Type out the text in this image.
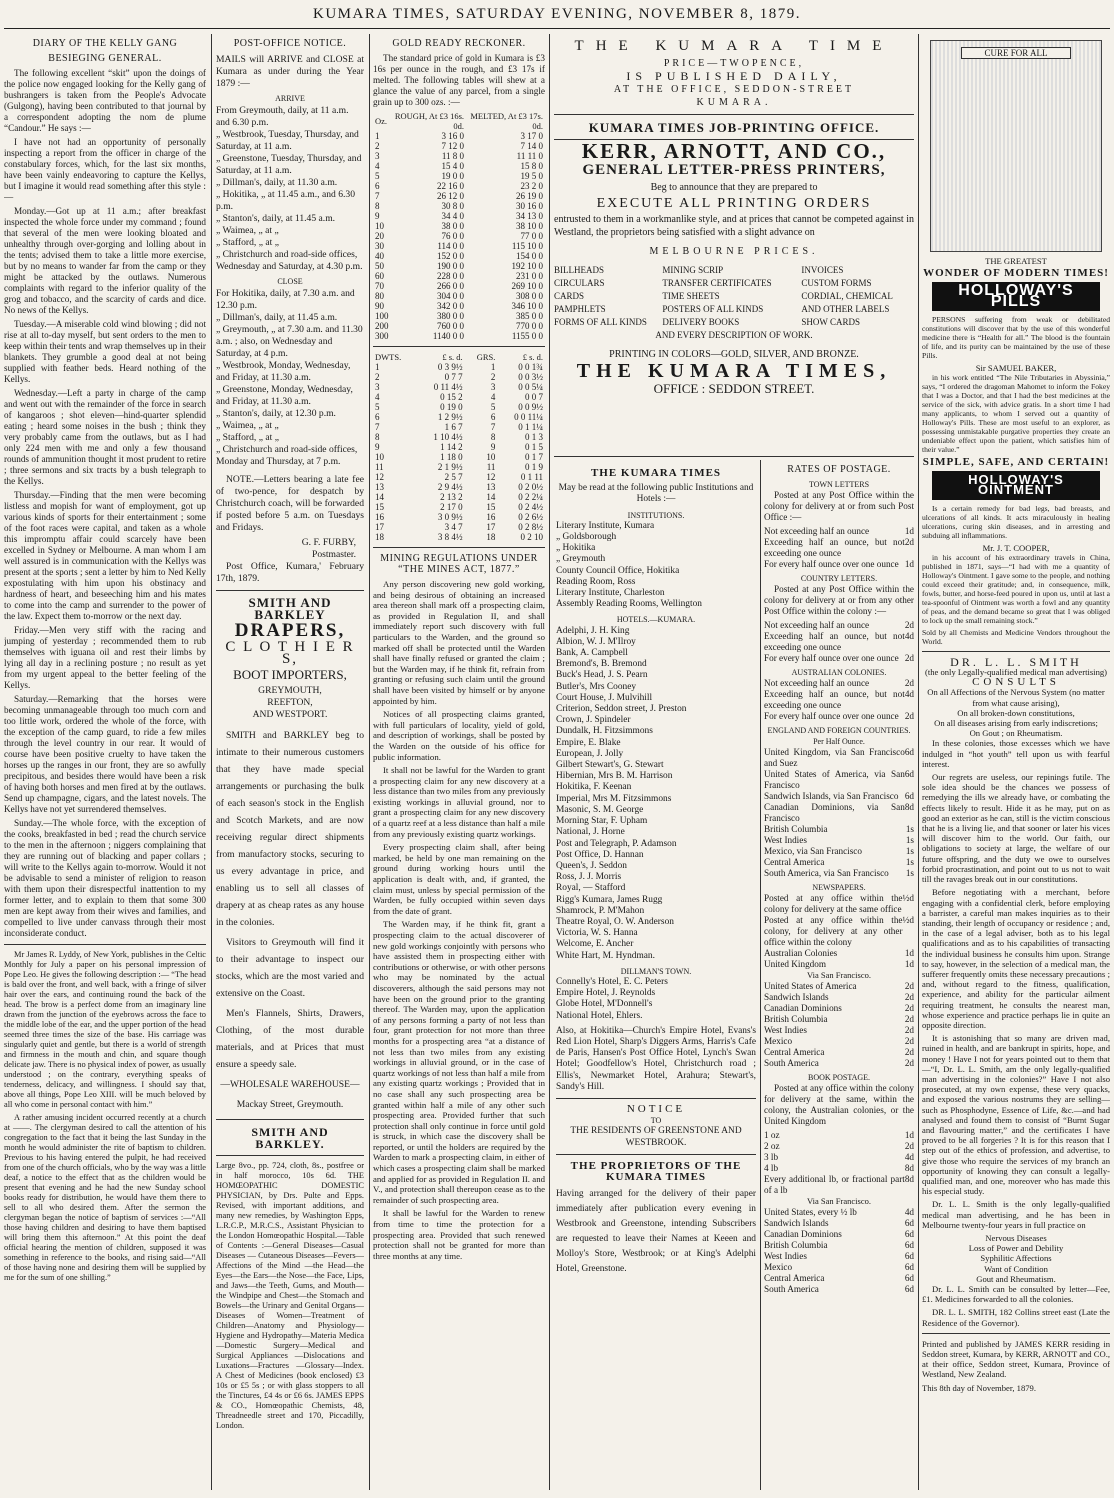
KUMARA TIMES, SATURDAY EVENING, NOVEMBER 8, 1879.
DIARY OF THE KELLY GANG
BESIEGING GENERAL.

The following excellent “skit” upon the doings of the police now engaged looking for the Kelly gang of bushrangers is taken from the People's Advocate (Gulgong), having been contributed to that journal by a correspondent adopting the nom de plume “Candour.” He says :—

I have not had an opportunity of personally inspecting a report from the officer in charge of the constabulary forces, which, for the last six months, have been vainly endeavoring to capture the Kellys, but I imagine it would read something after this style :—

Monday.—Got up at 11 a.m.; after breakfast inspected the whole force under my command ; found that several of the men were looking bloated and unhealthy through over-gorging and lolling about in the tents; advised them to take a little more exercise, but by no means to wander far from the camp or they might be attacked by the outlaws. Numerous complaints with regard to the inferior quality of the grog and tobacco, and the scarcity of cards and dice. No news of the Kellys.

Tuesday.—A miserable cold wind blowing ; did not rise at all to-day myself, but sent orders to the men to keep within their tents and wrap themselves up in their blankets. They grumble a good deal at not being supplied with feather beds. Heard nothing of the Kellys.

Wednesday.—Left a party in charge of the camp and went out with the remainder of the force in search of kangaroos ; shot eleven—hind-quarter splendid eating ; heard some noises in the bush ; think they very probably came from the outlaws, but as I had only 224 men with me and only a few thousand rounds of ammunition thought it most prudent to retire ; three sermons and six tracts by a bush telegraph to the Kellys.

Thursday.—Finding that the men were becoming listless and mopish for want of employment, got up various kinds of sports for their entertainment ; some of the foot races were capital, and taken as a whole this impromptu affair could scarcely have been excelled in Sydney or Melbourne. A man whom I am well assured is in communication with the Kellys was present at the sports ; sent a letter by him to Ned Kelly expostulating with him upon his obstinacy and hardness of heart, and beseeching him and his mates to come into the camp and surrender to the power of the law. Expect them to-morrow or the next day.

Friday.—Men very stiff with the racing and jumping of yesterday ; recommended them to rub themselves with iguana oil and rest their limbs by lying all day in a reclining posture ; no result as yet from my urgent appeal to the better feeling of the Kellys.

Saturday.—Remarking that the horses were becoming unmanageable through too much corn and too little work, ordered the whole of the force, with the exception of the camp guard, to ride a few miles through the level country in our rear. It would of course have been positive cruelty to have taken the horses up the ranges in our front, they are so awfully precipitous, and besides there would have been a risk of having both horses and men fired at by the outlaws. Send up champagne, cigars, and the latest novels. The Kellys have not yet surrendered themselves.

Sunday.—The whole force, with the exception of the cooks, breakfasted in bed ; read the church service to the men in the afternoon ; niggers complaining that they are running out of blacking and paper collars ; will write to the Kellys again to-morrow. Would it not be advisable to send a minister of religion to reason with them upon their disrespectful inattention to my former letter, and to explain to them that some 300 men are kept away from their wives and families, and compelled to live under canvass through their most inconsiderate conduct.

Mr James R. Lyddy, of New York, publishes in the Celtic Monthly for July a paper on his personal impression of Pope Leo. He gives the following description :— “The head is bald over the front, and well back, with a fringe of silver hair over the ears, and continuing round the back of the head. The brow is a perfect dome from an imaginary line drawn from the junction of the eyebrows across the face to the middle lobe of the ear, and the upper portion of the head seemed three times the size of the base. His carriage was singularly quiet and gentle, but there is a world of strength and firmness in the mouth and chin, and square though delicate jaw. There is no physical index of power, as usually understood ; on the contrary, everything speaks of tenderness, delicacy, and willingness. I should say that, above all things, Pope Leo XIII. will be much beloved by all who come in personal contact with him.”

A rather amusing incident occurred recently at a church at ——. The clergyman desired to call the attention of his congregation to the fact that it being the last Sunday in the month he would administer the rite of baptism to children. Previous to his having entered the pulpit, he had received from one of the church officials, who by the way was a little deaf, a notice to the effect that as the children would be present that evening and he had the new Sunday school books ready for distribution, he would have them there to sell to all who desired them. After the sermon the clergyman began the notice of baptism of services :—“All those having children and desiring to have them baptised will bring them this afternoon.” At this point the deaf official hearing the mention of children, supposed it was something in reference to the books, and rising said—“All of those having none and desiring them will be supplied by me for the sum of one shilling.”

POST-OFFICE NOTICE.

MAILS will ARRIVE and CLOSE at Kumara as under during the Year 1879 :—

ARRIVE
From Greymouth, daily, at 11 a.m. and 6.30 p.m.
„ Westbrook, Tuesday, Thursday, and Saturday, at 11 a.m.
„ Greenstone, Tuesday, Thursday, and Saturday, at 11 a.m.
„ Dillman's, daily, at 11.30 a.m.
„ Hokitika, „ at 11.45 a.m., and 6.30 p.m.
„ Stanton's, daily, at 11.45 a.m.
„ Waimea, „ at „
„ Stafford, „ at „
„ Christchurch and road-side offices, Wednesday and Saturday, at 4.30 p.m.
CLOSE
For Hokitika, daily, at 7.30 a.m. and 12.30 p.m.
„ Dillman's, daily, at 11.45 a.m.
„ Greymouth, „ at 7.30 a.m. and 11.30 a.m. ; also, on Wednesday and Saturday, at 4 p.m.
„ Westbrook, Monday, Wednesday, and Friday, at 11.30 a.m.
„ Greenstone, Monday, Wednesday, and Friday, at 11.30 a.m.
„ Stanton's, daily, at 12.30 p.m.
„ Waimea, „ at „
„ Stafford, „ at „
„ Christchurch and road-side offices, Monday and Thursday, at 7 p.m.

NOTE.—Letters bearing a late fee of two-pence, for despatch by Christchurch coach, will be forwarded if posted before 5 a.m. on Tuesdays and Fridays.

G. F. FURBY,
Postmaster.

Post Office, Kumara,' February 17th, 1879.

SMITH AND BARKLEY
DRAPERS,
C L O T H I E R S,
BOOT IMPORTERS,
GREYMOUTH,
REEFTON,
AND WESTPORT.

SMITH and BARKLEY beg to intimate to their numerous customers that they have made special arrangements or purchasing the bulk of each season's stock in the English and Scotch Markets, and are now receiving regular direct shipments from manufactory stocks, securing to us every advantage in price, and enabling us to sell all classes of drapery at as cheap rates as any house in the colonies.

Visitors to Greymouth will find it to their advantage to inspect our stocks, which are the most varied and extensive on the Coast.

Men's Flannels, Shirts, Drawers, Clothing, of the most durable materials, and at Prices that must ensure a speedy sale.

—WHOLESALE WAREHOUSE—
Mackay Street, Greymouth.
SMITH AND BARKLEY.

Large 8vo., pp. 724, cloth, 8s., postfree or in half morocco, 10s 6d. THE HOMŒOPATHIC DOMESTIC PHYSICIAN, by Drs. Pulte and Epps. Revised, with important additions, and many new remedies, by Washington Epps, L.R.C.P., M.R.C.S., Assistant Physician to the London Homœopathic Hospital.—Table of Contents :—General Diseases—Casual Diseases — Cutaneous Diseases—Fevers—Affections of the Mind —the Head—the Eyes—the Ears—the Nose—the Face, Lips, and Jaws—the Teeth, Gums, and Mouth—the Windpipe and Chest—the Stomach and Bowels—the Urinary and Genital Organs—Diseases of Women—Treatment of Children—Anatomy and Physiology—Hygiene and Hydropathy—Materia Medica—Domestic Surgery—Medical and Surgical Appliances —Dislocations and Luxations—Fractures —Glossary—Index. A Chest of Medicines (book enclosed) £3 10s or £5 5s ; or with glass stoppers to all the Tinctures, £4 4s or £6 6s. JAMES EPPS & CO., Homœopathic Chemists, 48, Threadneedle street and 170, Piccadilly, London.

GOLD READY RECKONER.

The standard price of gold in Kumara is £3 16s per ounce in the rough, and £3 17s if melted. The following tables will shew at a glance the value of any parcel, from a single grain up to 300 ozs. :—

Oz.	ROUGH, At £3 16s. 0d.	MELTED, At £3 17s. 0d.
1	3 16 0	3 17 0
2	7 12 0	7 14 0
3	11 8 0	11 11 0
4	15 4 0	15 8 0
5	19 0 0	19 5 0
6	22 16 0	23 2 0
7	26 12 0	26 19 0
8	30 8 0	30 16 0
9	34 4 0	34 13 0
10	38 0 0	38 10 0
20	76 0 0	77 0 0
30	114 0 0	115 10 0
40	152 0 0	154 0 0
50	190 0 0	192 10 0
60	228 0 0	231 0 0
70	266 0 0	269 10 0
80	304 0 0	308 0 0
90	342 0 0	346 10 0
100	380 0 0	385 0 0
200	760 0 0	770 0 0
300	1140 0 0	1155 0 0
DWTS.	£ s. d.	GRS.	£ s. d.
1	0 3 9½	1	0 0 1¾
2	0 7 7	2	0 0 3½
3	0 11 4½	3	0 0 5¼
4	0 15 2	4	0 0 7
5	0 19 0	5	0 0 9½
6	1 2 9½	6	0 0 11¼
7	1 6 7	7	0 1 1¼
8	1 10 4½	8	0 1 3
9	1 14 2	9	0 1 5
10	1 18 0	10	0 1 7
11	2 1 9½	11	0 1 9
12	2 5 7	12	0 1 11
13	2 9 4½	13	0 2 0½
14	2 13 2	14	0 2 2¼
15	2 17 0	15	0 2 4½
16	3 0 9½	16	0 2 6½
17	3 4 7	17	0 2 8½
18	3 8 4½	18	0 2 10
MINING REGULATIONS UNDER “THE MINES ACT, 1877.”

Any person discovering new gold working, and being desirous of obtaining an increased area thereon shall mark off a prospecting claim, as provided in Regulation II, and shall immediately report such discovery with full particulars to the Warden, and the ground so marked off shall be protected until the Warden shall have finally refused or granted the claim ; but the Warden may, if he think fit, refrain from granting or refusing such claim until the ground shall have been visited by himself or by anyone appointed by him.

Notices of all prospecting claims granted, with full particulars of locality, yield of gold, and description of workings, shall be posted by the Warden on the outside of his office for public information.

It shall not be lawful for the Warden to grant a prospecting claim for any new discovery at a less distance than two miles from any previously existing workings in alluvial ground, nor to grant a prospecting claim for any new discovery of a quartz reef at a less distance than half a mile from any previously existing quartz workings.

Every prospecting claim shall, after being marked, be held by one man remaining on the ground during working hours until the application is dealt with, and, if granted, the claim must, unless by special permission of the Warden, be fully occupied within seven days from the date of grant.

The Warden may, if he think fit, grant a prospecting claim to the actual discoverer of new gold workings conjointly with persons who have assisted them in prospecting either with contributions or otherwise, or with other persons who may be nominated by the actual discoverers, although the said persons may not have been on the ground prior to the granting thereof. The Warden may, upon the application of any persons forming a party of not less than four, grant protection for not more than three months for a prospecting area “at a distance of not less than two miles from any existing workings in alluvial ground, or in the case of quartz workings of not less than half a mile from any existing quartz workings ; Provided that in no case shall any such prospecting area be granted within half a mile of any other such prospecting area. Provided further that such protection shall only continue in force until gold is struck, in which case the discovery shall be reported, or until the holders are required by the Warden to mark a prospecting claim, in either of which cases a prospecting claim shall be marked and applied for as provided in Regulation II. and V., and protection shall thereupon cease as to the remainder of such prospecting area.

It shall be lawful for the Warden to renew from time to time the protection for a prospecting area. Provided that such renewed protection shall not be granted for more than three months at any time.

THE KUMARA TIME
PRICE—TWOPENCE,
IS PUBLISHED DAILY,
AT THE OFFICE, SEDDON-STREET
KUMARA.
KUMARA TIMES JOB-PRINTING OFFICE.
KERR, ARNOTT, AND CO.,
GENERAL LETTER-PRESS PRINTERS,
Beg to announce that they are prepared to
EXECUTE ALL PRINTING ORDERS

entrusted to them in a workmanlike style, and at prices that cannot be competed against in Westland, the proprietors being satisfied with a slight advance on

MELBOURNE PRICES.
BILLHEADS
CIRCULARS
CARDS
PAMPHLETS
FORMS OF ALL KINDS
MINING SCRIP
TRANSFER CERTIFICATES
TIME SHEETS
POSTERS OF ALL KINDS
DELIVERY BOOKS
INVOICES
CUSTOM FORMS
CORDIAL, CHEMICAL
AND OTHER LABELS
SHOW CARDS
AND EVERY DESCRIPTION OF WORK.
PRINTING IN COLORS—GOLD, SILVER, AND BRONZE.
THE KUMARA TIMES,
OFFICE : SEDDON STREET.
THE KUMARA TIMES
May be read at the following public Institutions and Hotels :—
INSTITUTIONS.
Literary Institute, Kumara
„ Goldsborough
„ Hokitika
„ Greymouth
County Council Office, Hokitika
Reading Room, Ross
Literary Institute, Charleston
Assembly Reading Rooms, Wellington
HOTELS.—KUMARA.
Adelphi, J. H. King
Albion, W. J. M'Ilroy
Bank, A. Campbell
Bremond's, B. Bremond
Buck's Head, J. S. Pearn
Butler's, Mrs Cooney
Court House, J. Mulvihill
Criterion, Seddon street, J. Preston
Crown, J. Spindeler
Dundalk, H. Fitzsimmons
Empire, E. Blake
European, J. Jolly
Gilbert Stewart's, G. Stewart
Hibernian, Mrs B. M. Harrison
Hokitika, F. Keenan
Imperial, Mrs M. Fitzsimmons
Masonic, S. M. George
Morning Star, F. Upham
National, J. Horne
Post and Telegraph, P. Adamson
Post Office, D. Hannan
Queen's, J. Seddon
Ross, J. J. Morris
Royal, — Stafford
Rigg's Kumara, James Rugg
Shamrock, P. M'Mahon
Theatre Royal, O. W. Anderson
Victoria, W. S. Hanna
Welcome, E. Ancher
White Hart, M. Hyndman.
DILLMAN'S TOWN.
Connelly's Hotel, E. C. Peters
Empire Hotel, J. Reynolds
Globe Hotel, M'Donnell's
National Hotel, Ehlers.

Also, at Hokitika—Church's Empire Hotel, Evans's Red Lion Hotel, Sharp's Diggers Arms, Harris's Cafe de Paris, Hansen's Post Office Hotel, Lynch's Swan Hotel; Goodfellow's Hotel, Christchurch road ; Ellis's, Newmarket Hotel, Arahura; Stewart's, Sandy's Hill.

NOTICE
TO
THE RESIDENTS OF GREENSTONE AND WESTBROOK.
THE PROPRIETORS OF THE KUMARA TIMES

Having arranged for the delivery of their paper immediately after publication every evening in Westbrook and Greenstone, intending Subscribers are requested to leave their Names at Keeen and Molloy's Store, Westbrook; or at King's Adelphi Hotel, Greenstone.

RATES OF POSTAGE.
TOWN LETTERS

Posted at any Post Office within the colony for delivery at or from such Post Office :—

Not exceeding half an ounce	1d
Exceeding half an ounce, but not exceeding one ounce
2d
For every half ounce over one ounce 1d
COUNTRY LETTERS.

Posted at any Post Office within the colony for delivery at or from any other Post Office within the colony :—

Not exceeding half an ounce	2d
Exceeding half an ounce, but not exceeding one ounce
4d
For every half ounce over one ounce 2d
AUSTRALIAN COLONIES.
Not exceeding half an ounce	2d
Exceeding half an ounce, but not exceeding one ounce
4d
For every half ounce over one ounce 2d
ENGLAND AND FOREIGN COUNTRIES. Per Half Ounce.
United Kingdom, via San Francisco and Suez
6d
United States of America, via San Francisco
6d
Sandwich Islands, via San Francisco 6d
Canadian Dominions, via San Francisco
8d
British Columbia	1s
West Indies	1s
Mexico, via San Francisco	1s
Central America	1s
South America, via San Francisco 1s
NEWSPAPERS.
Posted at any office within the colony for delivery at the same office
½d
Posted at any office within the colony, for delivery at any other office within the colony
½d
Australian Colonies	1d
United Kingdom	1d
Via San Francisco.
United States of America	2d
Sandwich Islands	2d
Canadian Dominions	2d
British Columbia	2d
West Indies	2d
Mexico	2d
Central America	2d
South America	2d
BOOK POSTAGE.

Posted at any office within the colony for delivery at the same, within the colony, the Australian colonies, or the United Kingdom

1 oz	1d
2 oz	2d
3 lb	4d
4 lb	8d
Every additional lb, or fractional part of a lb
8d
Via San Francisco.
United States, every ½ lb	4d
Sandwich Islands	6d
Canadian Dominions	6d
British Columbia	6d
West Indies	6d
Mexico	6d
Central America	6d
South America	6d
CURE FOR ALL
THE GREATEST
WONDER OF MODERN TIMES!
HOLLOWAY'S PILLS

PERSONS suffering from weak or debilitated constitutions will discover that by the use of this wonderful medicine there is “Health for all.” The blood is the fountain of life, and its purity can be maintained by the use of these Pills.

Sir SAMUEL BAKER,

in his work entitled “The Nile Tributaries in Abyssinia,” says, “I ordered the dragoman Mahomet to inform the Fokey that I was a Doctor, and that I had the best medicines at the service of the sick, with advice gratis. In a short time I had many applicants, to whom I served out a quantity of Holloway's Pills. These are most useful to an explorer, as possessing unmistakable purgative properties they create an undeniable effect upon the patient, which satisfies him of their value.”

SIMPLE, SAFE, AND CERTAIN!
HOLLOWAY'S OINTMENT

Is a certain remedy for bad legs, bad breasts, and ulcerations of all kinds. It acts miraculously in healing ulcerations, curing skin diseases, and in arresting and subduing all inflammations.

Mr. J. T. COOPER,

in his account of his extraordinary travels in China, published in 1871, says—“I had with me a quantity of Holloway's Ointment. I gave some to the people, and nothing could exceed their gratitude; and, in consequence, milk, fowls, butter, and horse-feed poured in upon us, until at last a tea-spoonful of Ointment was worth a fowl and any quantity of peas, and the demand became so great that I was obliged to lock up the small remaining stock.”

Sold by all Chemists and Medicine Vendors throughout the World.

DR. L. L. SMITH
(the only Legally-qualified medical man advertising)
CONSULTS
On all Affections of the Nervous System (no matter from what cause arising),
On all broken-down constitutions,
On all diseases arising from early indiscretions;
On Gout ; on Rheumatism.

In these colonies, those excesses which we have indulged in “hot youth” tell upon us with fearful interest.

Our regrets are useless, our repinings futile. The sole idea should be the chances we possess of remedying the ills we already have, or combating the effects likely to result. Hide it as he may, put on as good an exterior as he can, still is the victim conscious that he is a living lie, and that sooner or later his vices will discover him to the world. Our faith, our obligations to society at large, the welfare of our future offspring, and the duty we owe to ourselves forbid procrastination, and point out to us not to wait till the ravages break out in our constitutions.

Before negotiating with a merchant, before engaging with a confidential clerk, before employing a barrister, a careful man makes inquiries as to their standing, their length of occupancy or residence ; and, in the case of a legal adviser, both as to his legal qualifications and as to his capabilities of transacting the individual business he consults him upon. Strange to say, however, in the selection of a medical man, the sufferer frequently omits these necessary precautions ; and, without regard to the fitness, qualification, experience, and ability for the particular ailment requiring treatment, he consults the nearest man, whose experience and practice perhaps lie in quite an opposite direction.

It is astonishing that so many are driven mad, ruined in health, and are bankrupt in spirits, hope, and money ! Have I not for years pointed out to them that—“I, Dr. L. L. Smith, am the only legally-qualified man advertising in the colonies?” Have I not also prosecuted, at my own expense, these very quacks, and exposed the various nostrums they are selling—such as Phosphodyne, Essence of Life, &c.—and had analysed and found them to consist of “Burnt Sugar and flavouring matter,” and the certificates I have proved to be all forgeries ? It is for this reason that I step out of the ethics of profession, and advertise, to give those who require the services of my branch an opportunity of knowing they can consult a legally-qualified man, and one, moreover who has made this his especial study.

Dr. L. L. Smith is the only legally-qualified medical man advertising, and he has been in Melbourne twenty-four years in full practice on

Nervous Diseases
Loss of Power and Debility
Syphilitic Affections
Want of Condition
Gout and Rheumatism.

Dr. L. L. Smith can be consulted by letter—Fee, £1. Medicines forwarded to all the colonies.

DR. L. L. SMITH, 182 Collins street east (Late the Residence of the Governor).

Printed and published by JAMES KERR residing in Seddon street, Kumara, by KERR, ARNOTT and CO., at their office, Seddon street, Kumara, Province of Westland, New Zealand.

This 8th day of November, 1879.
